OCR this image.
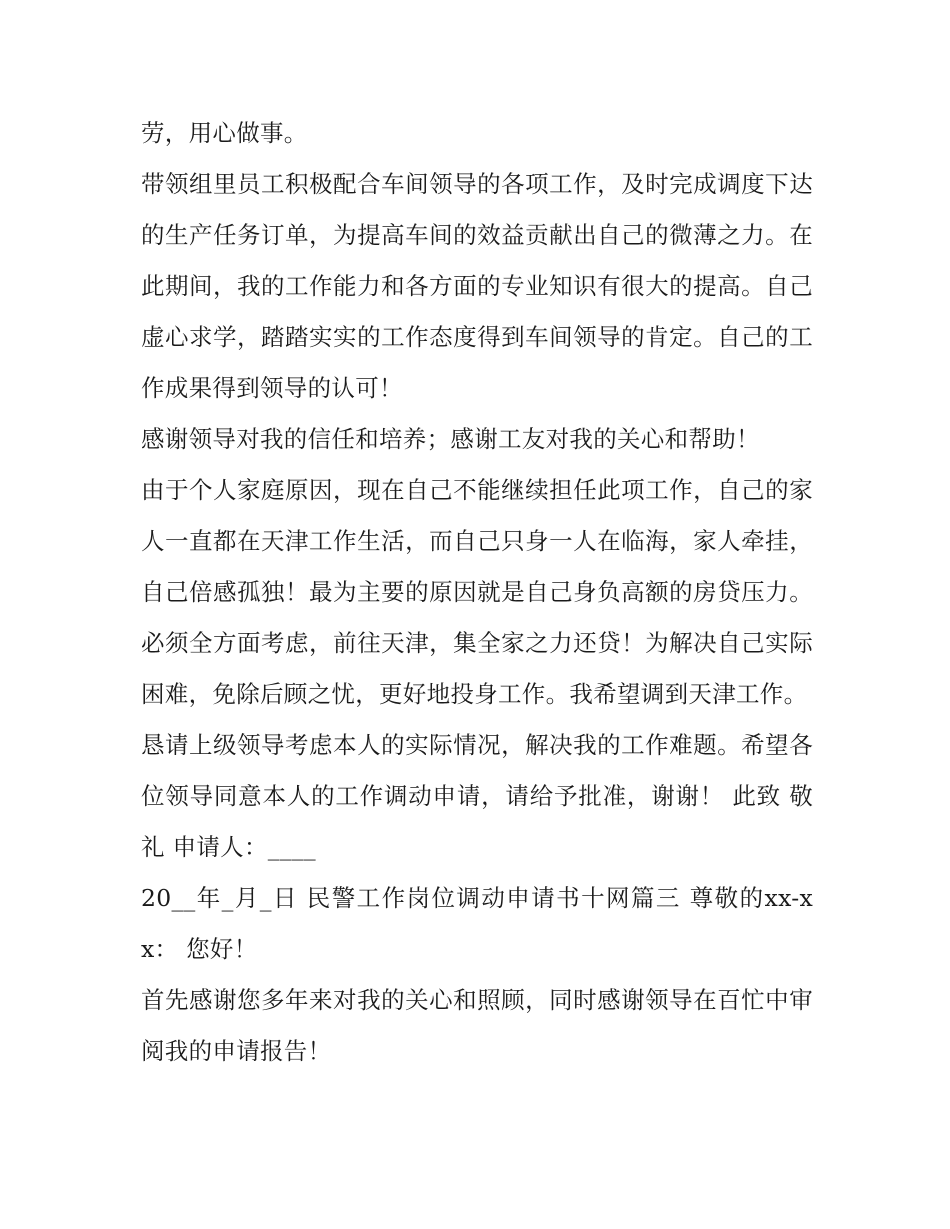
劳，用心做事。

带领组里员工积极配合车间领导的各项工作，及时完成调度下达的生产任务订单，为提高车间的效益贡献出自己的微薄之力。在此期间，我的工作能力和各方面的专业知识有很大的提高。自己虚心求学，踏踏实实的工作态度得到车间领导的肯定。自己的工作成果得到领导的认可！

感谢领导对我的信任和培养；感谢工友对我的关心和帮助！

由于个人家庭原因，现在自己不能继续担任此项工作，自己的家人一直都在天津工作生活，而自己只身一人在临海，家人牵挂，自己倍感孤独！最为主要的原因就是自己身负高额的房贷压力。必须全方面考虑，前往天津，集全家之力还贷！为解决自己实际困难，免除后顾之忧，更好地投身工作。我希望调到天津工作。

恳请上级领导考虑本人的实际情况，解决我的工作难题。希望各位领导同意本人的工作调动申请，请给予批准，谢谢！ 此致 敬礼 申请人：____

20__年_月_日 民警工作岗位调动申请书十网篇三 尊敬的xx-xx： 您好！

首先感谢您多年来对我的关心和照顾，同时感谢领导在百忙中审阅我的申请报告！
